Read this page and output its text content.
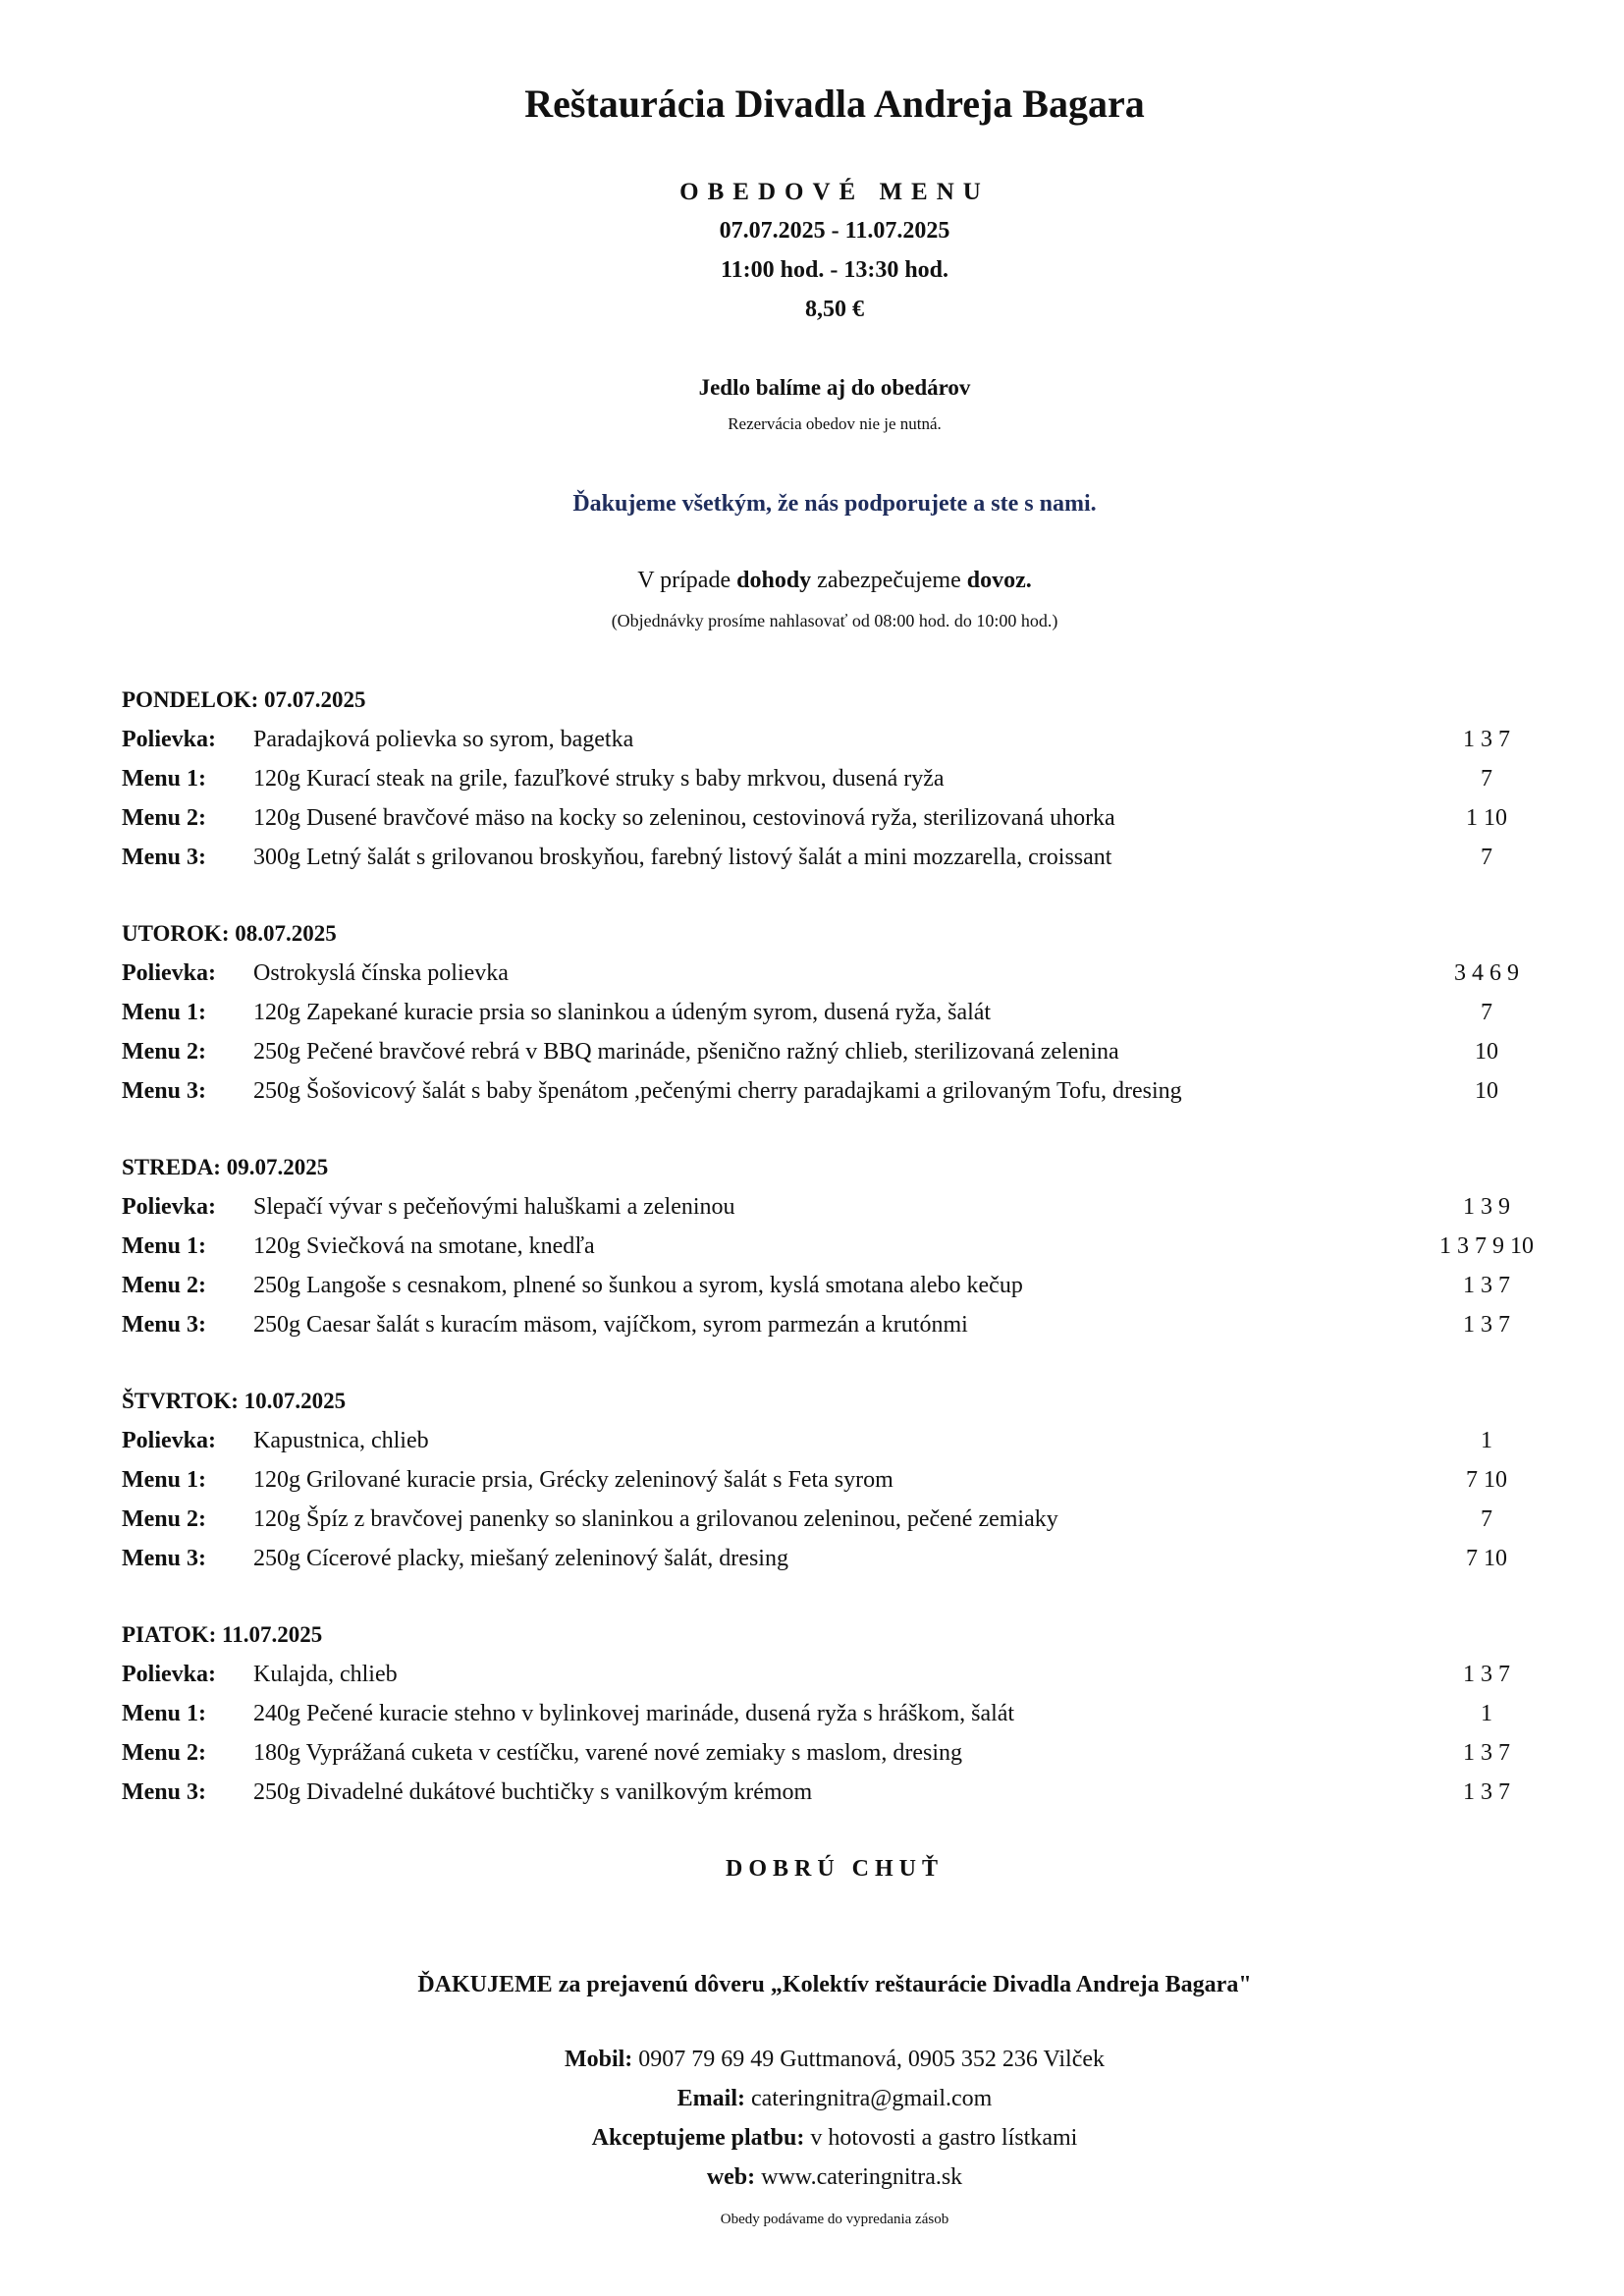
Reštaurácia Divadla Andreja Bagara
OBEDOVÉ MENU
07.07.2025 - 11.07.2025
11:00 hod. - 13:30 hod.
8,50 €
Jedlo balíme aj do obedárov
Rezervácia obedov nie je nutná.
Ďakujeme všetkým, že nás podporujete a ste s nami.
V prípade dohody zabezpečujeme dovoz.
(Objednávky prosíme nahlasovať od 08:00 hod. do 10:00 hod.)
PONDELOK: 07.07.2025
Polievka: Paradajková polievka so syrom, bagetka	1 3 7
Menu 1: 120g Kurací steak na grile, fazuľkové struky s baby mrkvou, dusená ryža	7
Menu 2: 120g Dusené bravčové mäso na kocky so zeleninou, cestovinová ryža, sterilizovaná uhorka	1 10
Menu 3: 300g Letný šalát s grilovanou broskyňou, farebný listový šalát a mini mozzarella, croissant	7
UTOROK: 08.07.2025
Polievka: Ostrokyslá čínska polievka	3 4 6 9
Menu 1: 120g Zapekané kuracie prsia so slaninkou a údeným syrom, dusená ryža, šalát	7
Menu 2: 250g Pečené bravčové rebrá v BBQ marináde, pšenično ražný chlieb, sterilizovaná zelenina	10
Menu 3: 250g Šošovicový šalát s baby špenátom ,pečenými cherry paradajkami a grilovaným Tofu, dresing	10
STREDA: 09.07.2025
Polievka: Slepačí vývar s pečeňovými haluškami a zeleninou	1 3 9
Menu 1: 120g Sviečková na smotane, knedľa	1 3 7 9 10
Menu 2: 250g Langoše s cesnakom, plnené so šunkou a syrom, kyslá smotana alebo kečup	1 3 7
Menu 3: 250g Caesar šalát s kuracím mäsom, vajíčkom, syrom parmezán a krutónmi	1 3 7
ŠTVRTOK: 10.07.2025
Polievka: Kapustnica, chlieb	1
Menu 1: 120g Grilované kuracie prsia, Grécky zeleninový šalát s Feta syrom	7 10
Menu 2: 120g Špíz z bravčovej panenky so slaninkou a grilovanou zeleninou, pečené zemiaky	7
Menu 3: 250g Cícerové placky, miešaný zeleninový šalát, dresing	7 10
PIATOK: 11.07.2025
Polievka: Kulajda, chlieb	1 3 7
Menu 1: 240g Pečené kuracie stehno v bylinkovej marináde, dusená ryža s hráškom, šalát	1
Menu 2: 180g Vyprážaná cuketa v cestíčku, varené nové zemiaky s maslom, dresing	1 3 7
Menu 3: 250g Divadelné dukátové buchtičky s vanilkovým krémom	1 3 7
DOBRÚ CHUŤ
ĎAKUJEME za prejavenú dôveru „Kolektív reštaurácie Divadla Andreja Bagara"
Mobil: 0907 79 69 49 Guttmanová, 0905 352 236 Vilček
Email: cateringnitra@gmail.com
Akceptujeme platbu: v hotovosti a gastro lístkami
web: www.cateringnitra.sk
Obedy podávame do vypredania zásob
